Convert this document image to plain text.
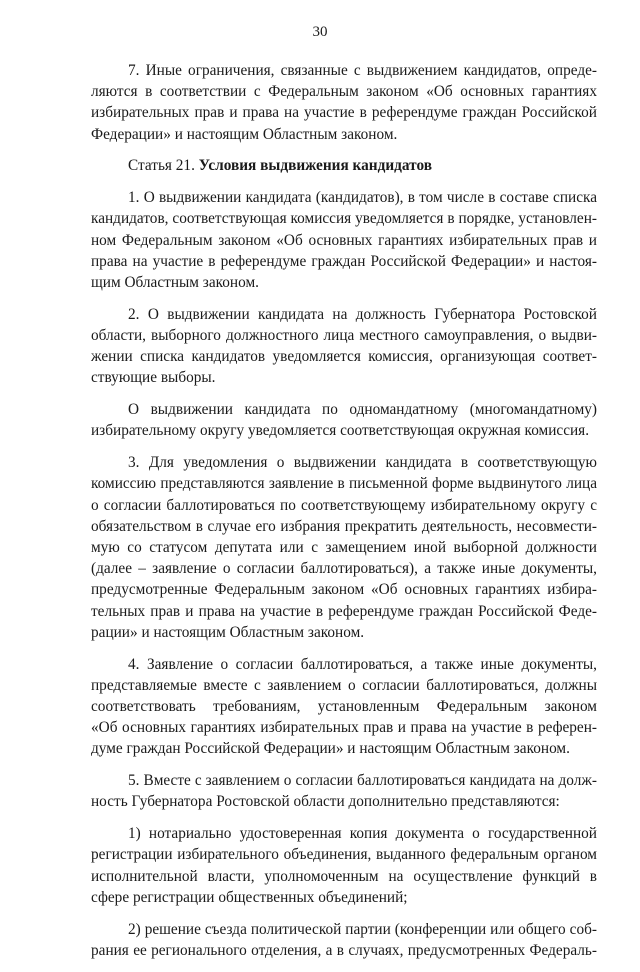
30
7. Иные ограничения, связанные с выдвижением кандидатов, опреде-
ляются в соответствии с Федеральным законом «Об основных гарантиях
избирательных прав и права на участие в референдуме граждан Российской
Федерации» и настоящим Областным законом.
Статья 21. Условия выдвижения кандидатов
1. О выдвижении кандидата (кандидатов), в том числе в составе списка
кандидатов, соответствующая комиссия уведомляется в порядке, установлен-
ном Федеральным законом «Об основных гарантиях избирательных прав и
права на участие в референдуме граждан Российской Федерации» и настоя-
щим Областным законом.
2. О выдвижении кандидата на должность Губернатора Ростовской
области, выборного должностного лица местного самоуправления, о выдви-
жении списка кандидатов уведомляется комиссия, организующая соответ-
ствующие выборы.
О выдвижении кандидата по одномандатному (многомандатному)
избирательному округу уведомляется соответствующая окружная комиссия.
3. Для уведомления о выдвижении кандидата в соответствующую
комиссию представляются заявление в письменной форме выдвинутого лица
о согласии баллотироваться по соответствующему избирательному округу с
обязательством в случае его избрания прекратить деятельность, несовмести-
мую со статусом депутата или с замещением иной выборной должности
(далее – заявление о согласии баллотироваться), а также иные документы,
предусмотренные Федеральным законом «Об основных гарантиях избира-
тельных прав и права на участие в референдуме граждан Российской Феде-
рации» и настоящим Областным законом.
4. Заявление о согласии баллотироваться, а также иные документы,
представляемые вместе с заявлением о согласии баллотироваться, должны
соответствовать требованиям, установленным Федеральным законом
«Об основных гарантиях избирательных прав и права на участие в референ-
думе граждан Российской Федерации» и настоящим Областным законом.
5. Вместе с заявлением о согласии баллотироваться кандидата на долж-
ность Губернатора Ростовской области дополнительно представляются:
1) нотариально удостоверенная копия документа о государственной
регистрации избирательного объединения, выданного федеральным органом
исполнительной власти, уполномоченным на осуществление функций в
сфере регистрации общественных объединений;
2) решение съезда политической партии (конференции или общего соб-
рания ее регионального отделения, а в случаях, предусмотренных Федераль-
